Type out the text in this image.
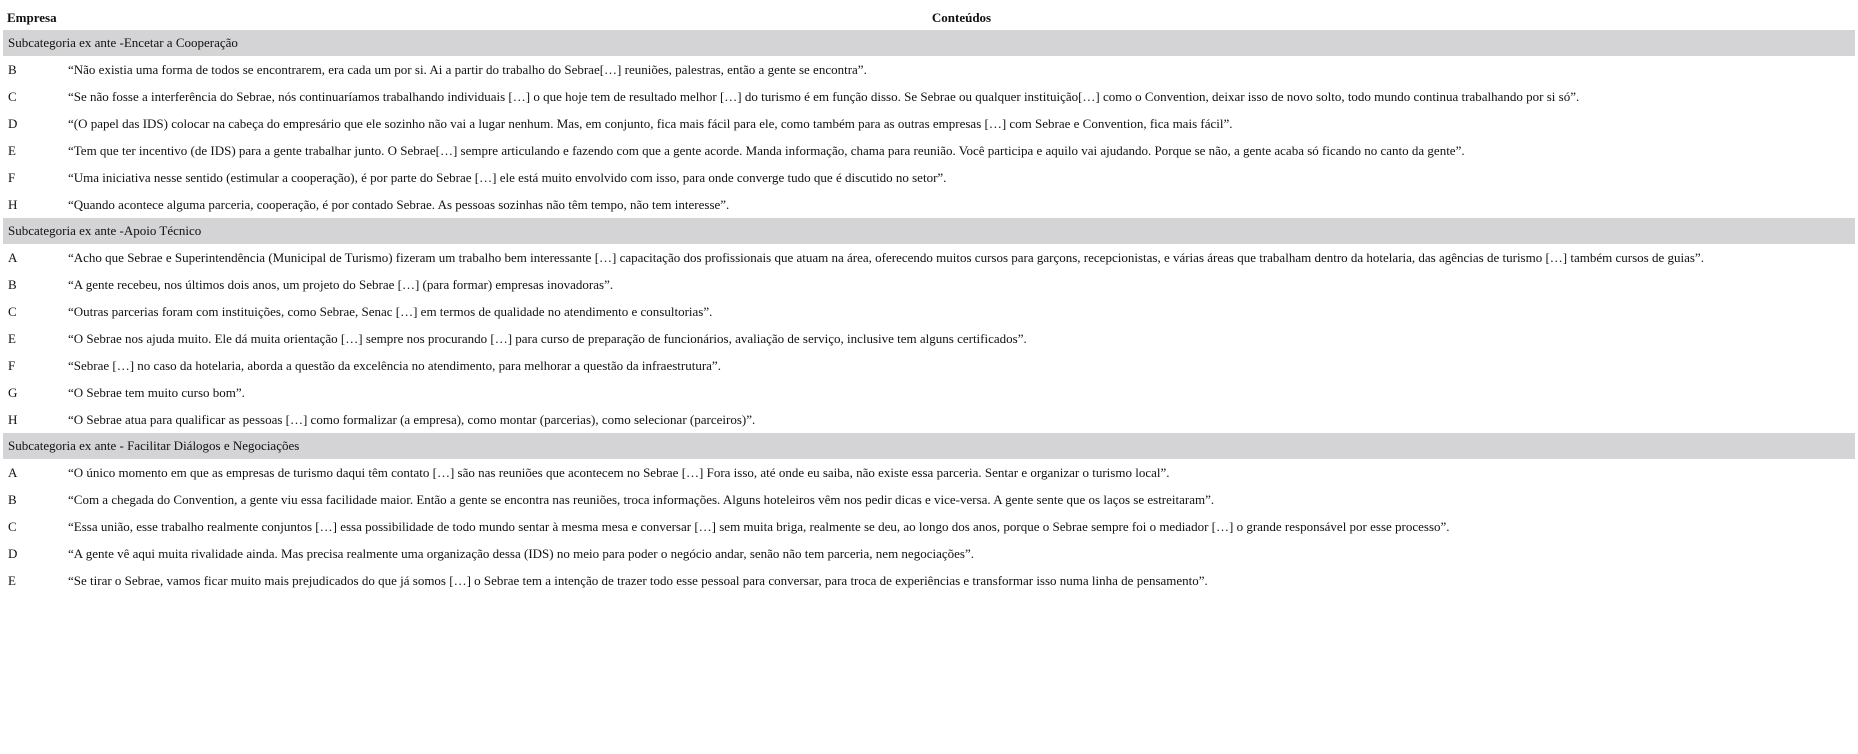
Empresa	Conteúdos
Subcategoria ex ante -Encetar a Cooperação	
B	“Não existia uma forma de todos se encontrarem, era cada um por si. Ai a partir do trabalho do Sebrae[…] reuniões, palestras, então a gente se encontra”.
C	“Se não fosse a interferência do Sebrae, nós continuaríamos trabalhando individuais […] o que hoje tem de resultado melhor […] do turismo é em função disso. Se Sebrae ou qualquer instituição[…] como o Convention, deixar isso de novo solto, todo mundo continua trabalhando por si só”.
D	“(O papel das IDS) colocar na cabeça do empresário que ele sozinho não vai a lugar nenhum. Mas, em conjunto, fica mais fácil para ele, como também para as outras empresas […] com Sebrae e Convention, fica mais fácil”.
E	“Tem que ter incentivo (de IDS) para a gente trabalhar junto. O Sebrae[…] sempre articulando e fazendo com que a gente acorde. Manda informação, chama para reunião. Você participa e aquilo vai ajudando. Porque se não, a gente acaba só ficando no canto da gente”.
F	“Uma iniciativa nesse sentido (estimular a cooperação), é por parte do Sebrae […] ele está muito envolvido com isso, para onde converge tudo que é discutido no setor”.
H	“Quando acontece alguma parceria, cooperação, é por contado Sebrae. As pessoas sozinhas não têm tempo, não tem interesse”.
Subcategoria ex ante -Apoio Técnico	
A	“Acho que Sebrae e Superintendência (Municipal de Turismo) fizeram um trabalho bem interessante […] capacitação dos profissionais que atuam na área, oferecendo muitos cursos para garçons, recepcionistas, e várias áreas que trabalham dentro da hotelaria, das agências de turismo […] também cursos de guias”.
B	“A gente recebeu, nos últimos dois anos, um projeto do Sebrae […] (para formar) empresas inovadoras”.
C	“Outras parcerias foram com instituições, como Sebrae, Senac […] em termos de qualidade no atendimento e consultorias”.
E	“O Sebrae nos ajuda muito. Ele dá muita orientação […] sempre nos procurando […] para curso de preparação de funcionários, avaliação de serviço, inclusive tem alguns certificados”.
F	“Sebrae […] no caso da hotelaria, aborda a questão da excelência no atendimento, para melhorar a questão da infraestrutura”.
G	“O Sebrae tem muito curso bom”.
H	“O Sebrae atua para qualificar as pessoas […] como formalizar (a empresa), como montar (parcerias), como selecionar (parceiros)”.
Subcategoria ex ante - Facilitar Diálogos e Negociações	
A	“O único momento em que as empresas de turismo daqui têm contato […] são nas reuniões que acontecem no Sebrae […] Fora isso, até onde eu saiba, não existe essa parceria. Sentar e organizar o turismo local”.
B	“Com a chegada do Convention, a gente viu essa facilidade maior. Então a gente se encontra nas reuniões, troca informações. Alguns hoteleiros vêm nos pedir dicas e vice-versa. A gente sente que os laços se estreitaram”.
C	“Essa união, esse trabalho realmente conjuntos […] essa possibilidade de todo mundo sentar à mesma mesa e conversar […] sem muita briga, realmente se deu, ao longo dos anos, porque o Sebrae sempre foi o mediador […] o grande responsável por esse processo”.
D	“A gente vê aqui muita rivalidade ainda. Mas precisa realmente uma organização dessa (IDS) no meio para poder o negócio andar, senão não tem parceria, nem negociações”.
E	“Se tirar o Sebrae, vamos ficar muito mais prejudicados do que já somos […] o Sebrae tem a intenção de trazer todo esse pessoal para conversar, para troca de experiências e transformar isso numa linha de pensamento”.
